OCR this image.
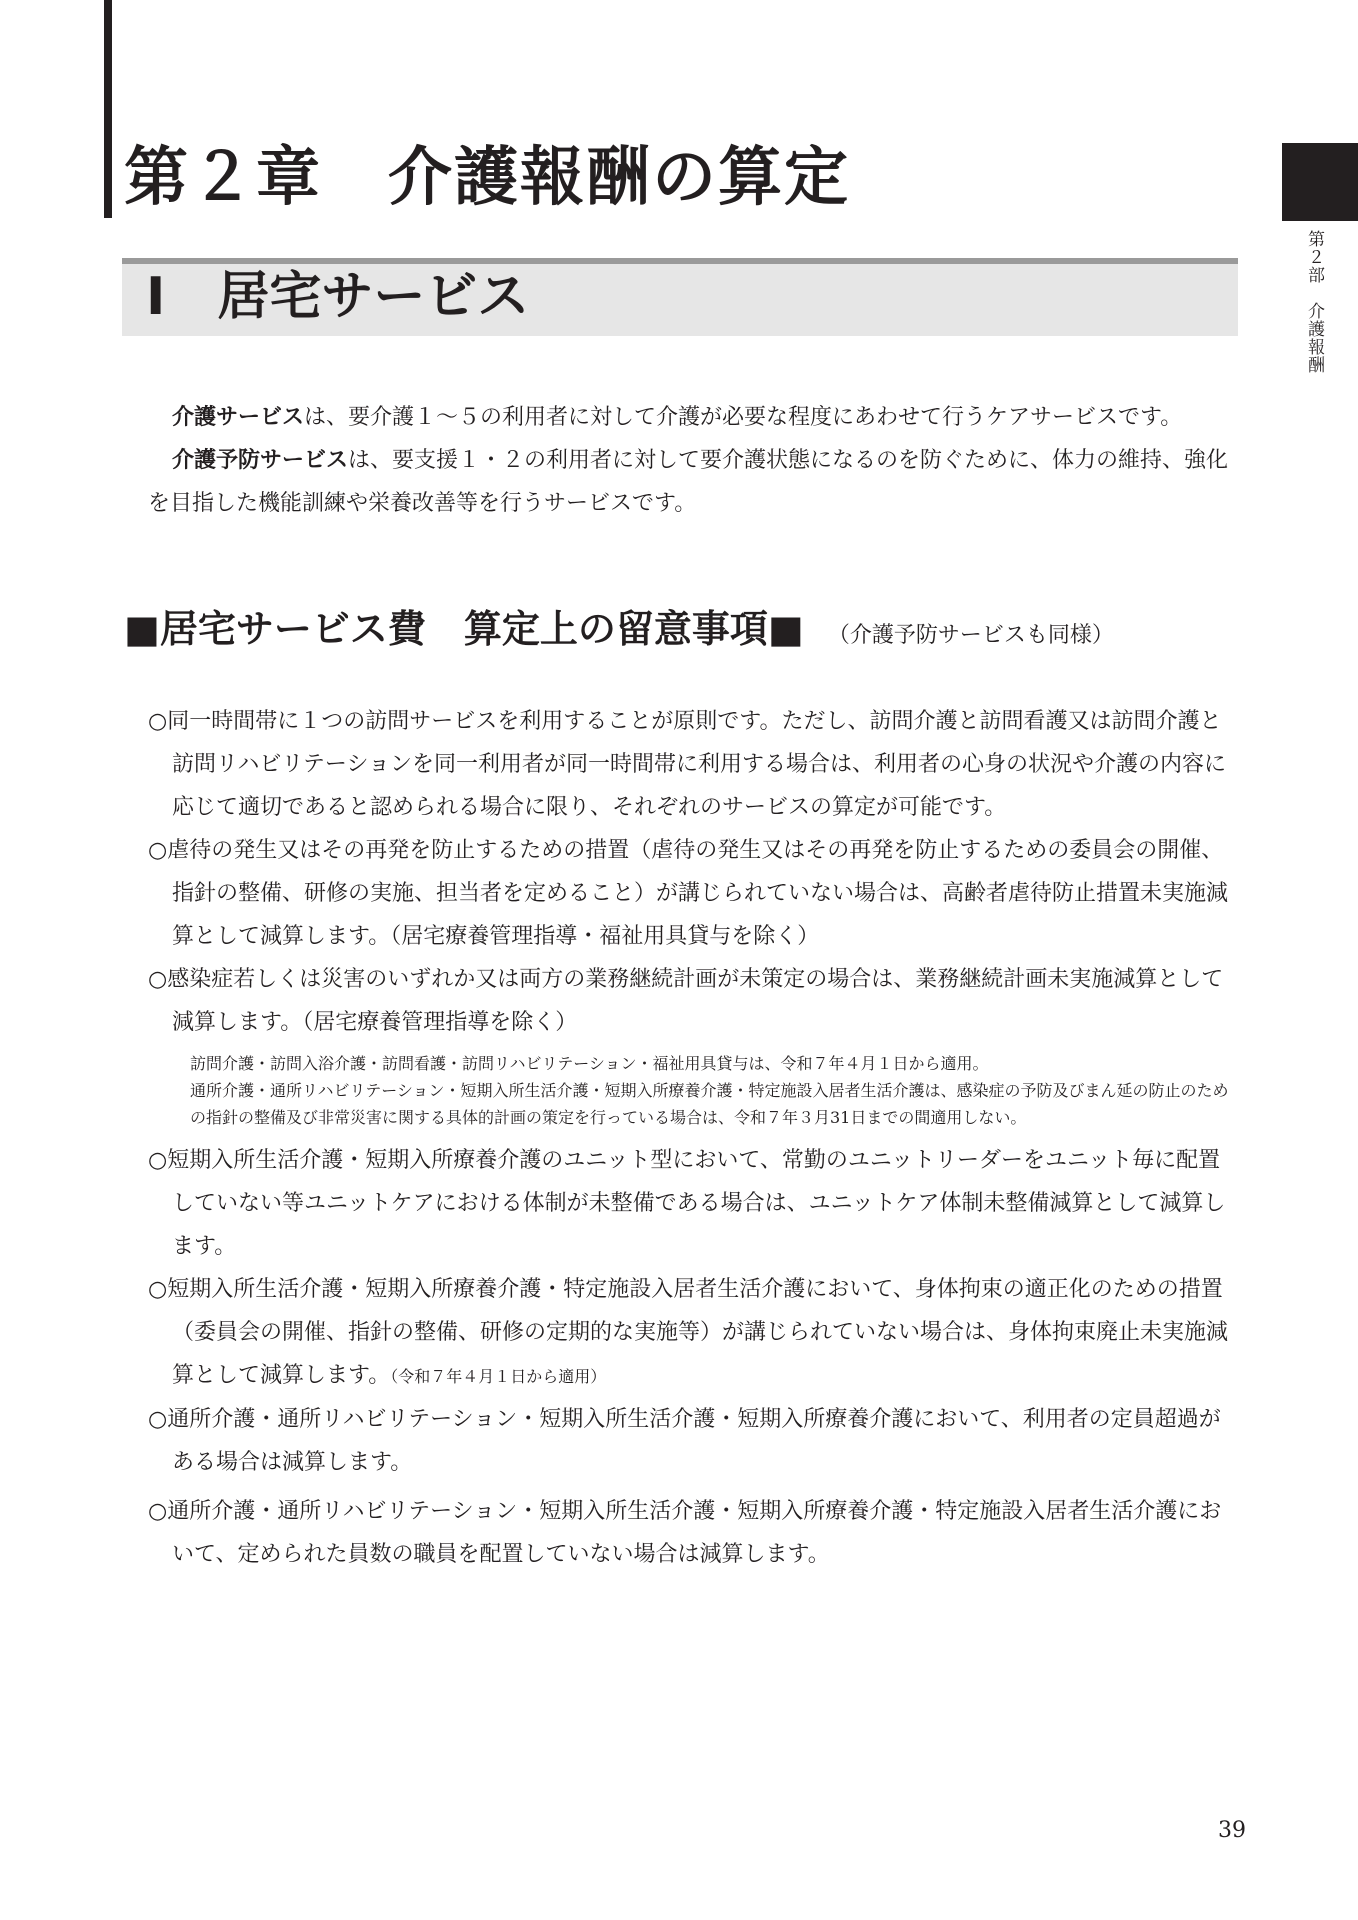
第２章　介護報酬の算定
第２部　介護報酬
Ⅰ　居宅サービス

介護サービスは、要介護１～５の利用者に対して介護が必要な程度にあわせて行うケアサービスです。

介護予防サービスは、要支援１・２の利用者に対して要介護状態になるのを防ぐために、体力の維持、強化を目指した機能訓練や栄養改善等を行うサービスです。

■居宅サービス費　算定上の留意事項■ （介護予防サービスも同様）

○同一時間帯に１つの訪問サービスを利用することが原則です。ただし、訪問介護と訪問看護又は訪問介護と訪問リハビリテーションを同一利用者が同一時間帯に利用する場合は、利用者の心身の状況や介護の内容に応じて適切であると認められる場合に限り、それぞれのサービスの算定が可能です。

○虐待の発生又はその再発を防止するための措置（虐待の発生又はその再発を防止するための委員会の開催、指針の整備、研修の実施、担当者を定めること）が講じられていない場合は、高齢者虐待防止措置未実施減算として減算します。（居宅療養管理指導・福祉用具貸与を除く）

○感染症若しくは災害のいずれか又は両方の業務継続計画が未策定の場合は、業務継続計画未実施減算として減算します。（居宅療養管理指導を除く）

訪問介護・訪問入浴介護・訪問看護・訪問リハビリテーション・福祉用具貸与は、令和７年４月１日から適用。
通所介護・通所リハビリテーション・短期入所生活介護・短期入所療養介護・特定施設入居者生活介護は、感染症の予防及びまん延の防止のための指針の整備及び非常災害に関する具体的計画の策定を行っている場合は、令和７年３月31日までの間適用しない。

○短期入所生活介護・短期入所療養介護のユニット型において、常勤のユニットリーダーをユニット毎に配置していない等ユニットケアにおける体制が未整備である場合は、ユニットケア体制未整備減算として減算します。

○短期入所生活介護・短期入所療養介護・特定施設入居者生活介護において、身体拘束の適正化のための措置（委員会の開催、指針の整備、研修の定期的な実施等）が講じられていない場合は、身体拘束廃止未実施減算として減算します。（令和７年４月１日から適用）

○通所介護・通所リハビリテーション・短期入所生活介護・短期入所療養介護において、利用者の定員超過がある場合は減算します。

○通所介護・通所リハビリテーション・短期入所生活介護・短期入所療養介護・特定施設入居者生活介護において、定められた員数の職員を配置していない場合は減算します。

39
